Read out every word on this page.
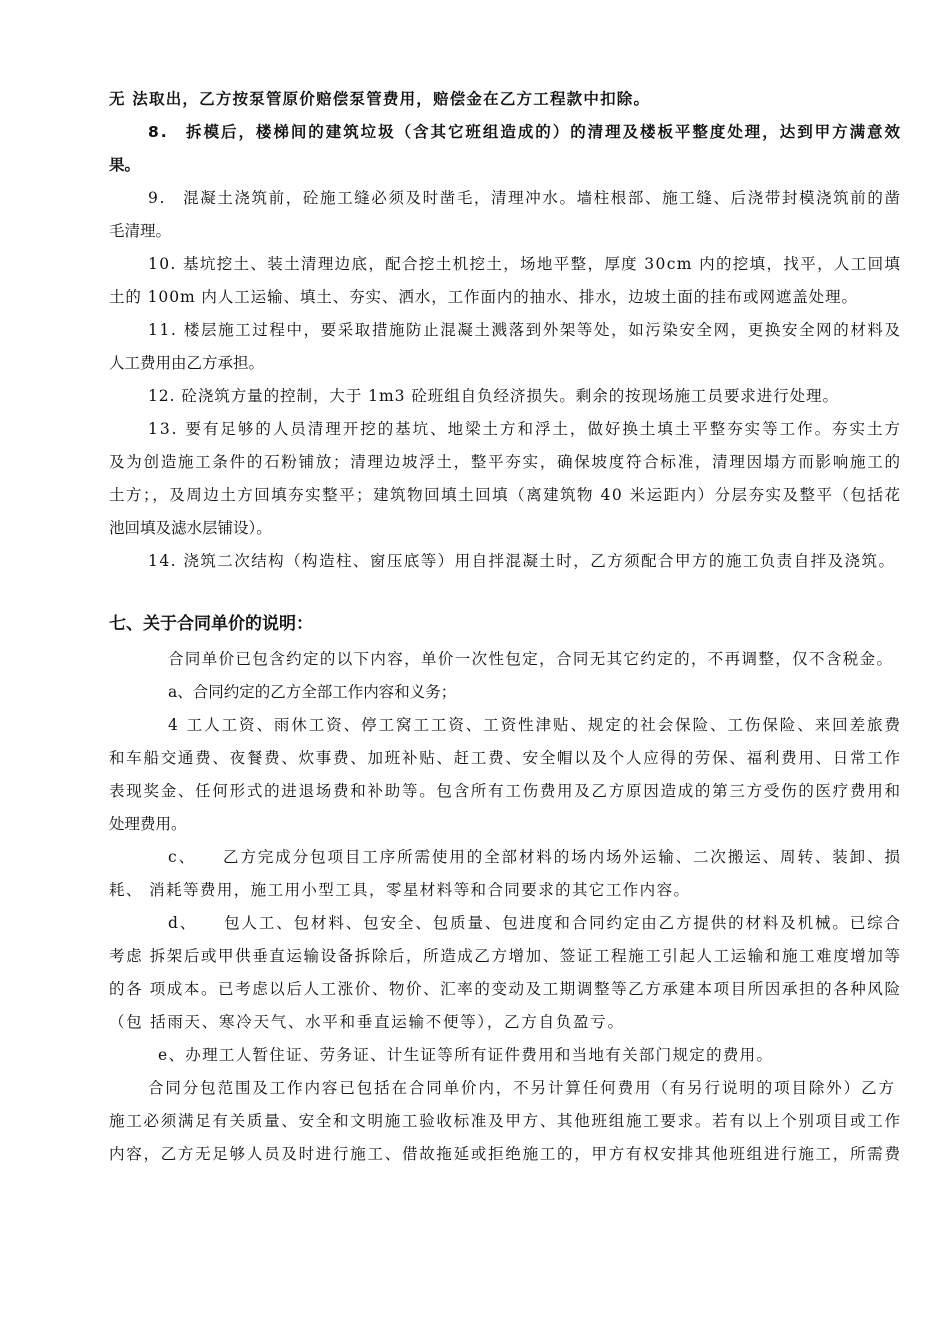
无 法取出，乙方按泵管原价赔偿泵管费用，赔偿金在乙方工程款中扣除。
8.　拆模后，楼梯间的建筑垃圾（含其它班组造成的）的清理及楼板平整度处理，达到甲方满意效
果。
9.　混凝土浇筑前，砼施工缝必须及时凿毛，清理冲水。墙柱根部、施工缝、后浇带封模浇筑前的凿
毛清理。
10. 基坑挖土、装土清理边底，配合挖土机挖土，场地平整，厚度 30cm 内的挖填，找平，人工回填
土的 100m 内人工运输、填土、夯实、洒水，工作面内的抽水、排水，边坡土面的挂布或网遮盖处理。
11. 楼层施工过程中，要采取措施防止混凝土溅落到外架等处，如污染安全网，更换安全网的材料及
人工费用由乙方承担。
12. 砼浇筑方量的控制，大于 1m3 砼班组自负经济损失。剩余的按现场施工员要求进行处理。
13. 要有足够的人员清理开挖的基坑、地梁土方和浮土，做好换土填土平整夯实等工作。夯实土方
及为创造施工条件的石粉铺放；清理边坡浮土，整平夯实，确保坡度符合标准，清理因塌方而影响施工的
土方；，及周边土方回填夯实整平；建筑物回填土回填（离建筑物 40 米运距内）分层夯实及整平（包括花
池回填及滤水层铺设）。
14. 浇筑二次结构（构造柱、窗压底等）用自拌混凝土时，乙方须配合甲方的施工负责自拌及浇筑。
七、关于合同单价的说明：
合同单价已包含约定的以下内容，单价一次性包定，合同无其它约定的，不再调整，仅不含税金。
a、合同约定的乙方全部工作内容和义务；
4 工人工资、雨休工资、停工窝工工资、工资性津贴、规定的社会保险、工伤保险、来回差旅费
和车船交通费、夜餐费、炊事费、加班补贴、赶工费、安全帽以及个人应得的劳保、福利费用、日常工作
表现奖金、任何形式的进退场费和补助等。包含所有工伤费用及乙方原因造成的第三方受伤的医疗费用和
处理费用。
c、　　乙方完成分包项目工序所需使用的全部材料的场内场外运输、二次搬运、周转、装卸、损
耗、 消耗等费用，施工用小型工具，零星材料等和合同要求的其它工作内容。
d、　　包人工、包材料、包安全、包质量、包进度和合同约定由乙方提供的材料及机械。已综合
考虑 拆架后或甲供垂直运输设备拆除后，所造成乙方增加、签证工程施工引起人工运输和施工难度增加等
的各 项成本。已考虑以后人工涨价、物价、汇率的变动及工期调整等乙方承建本项目所因承担的各种风险
（包 括雨天、寒冷天气、水平和垂直运输不便等），乙方自负盈亏。
e、办理工人暂住证、劳务证、计生证等所有证件费用和当地有关部门规定的费用。
合同分包范围及工作内容已包括在合同单价内，不另计算任何费用（有另行说明的项目除外）乙方
施工必须满足有关质量、安全和文明施工验收标准及甲方、其他班组施工要求。若有以上个别项目或工作
内容，乙方无足够人员及时进行施工、借故拖延或拒绝施工的，甲方有权安排其他班组进行施工，所需费
